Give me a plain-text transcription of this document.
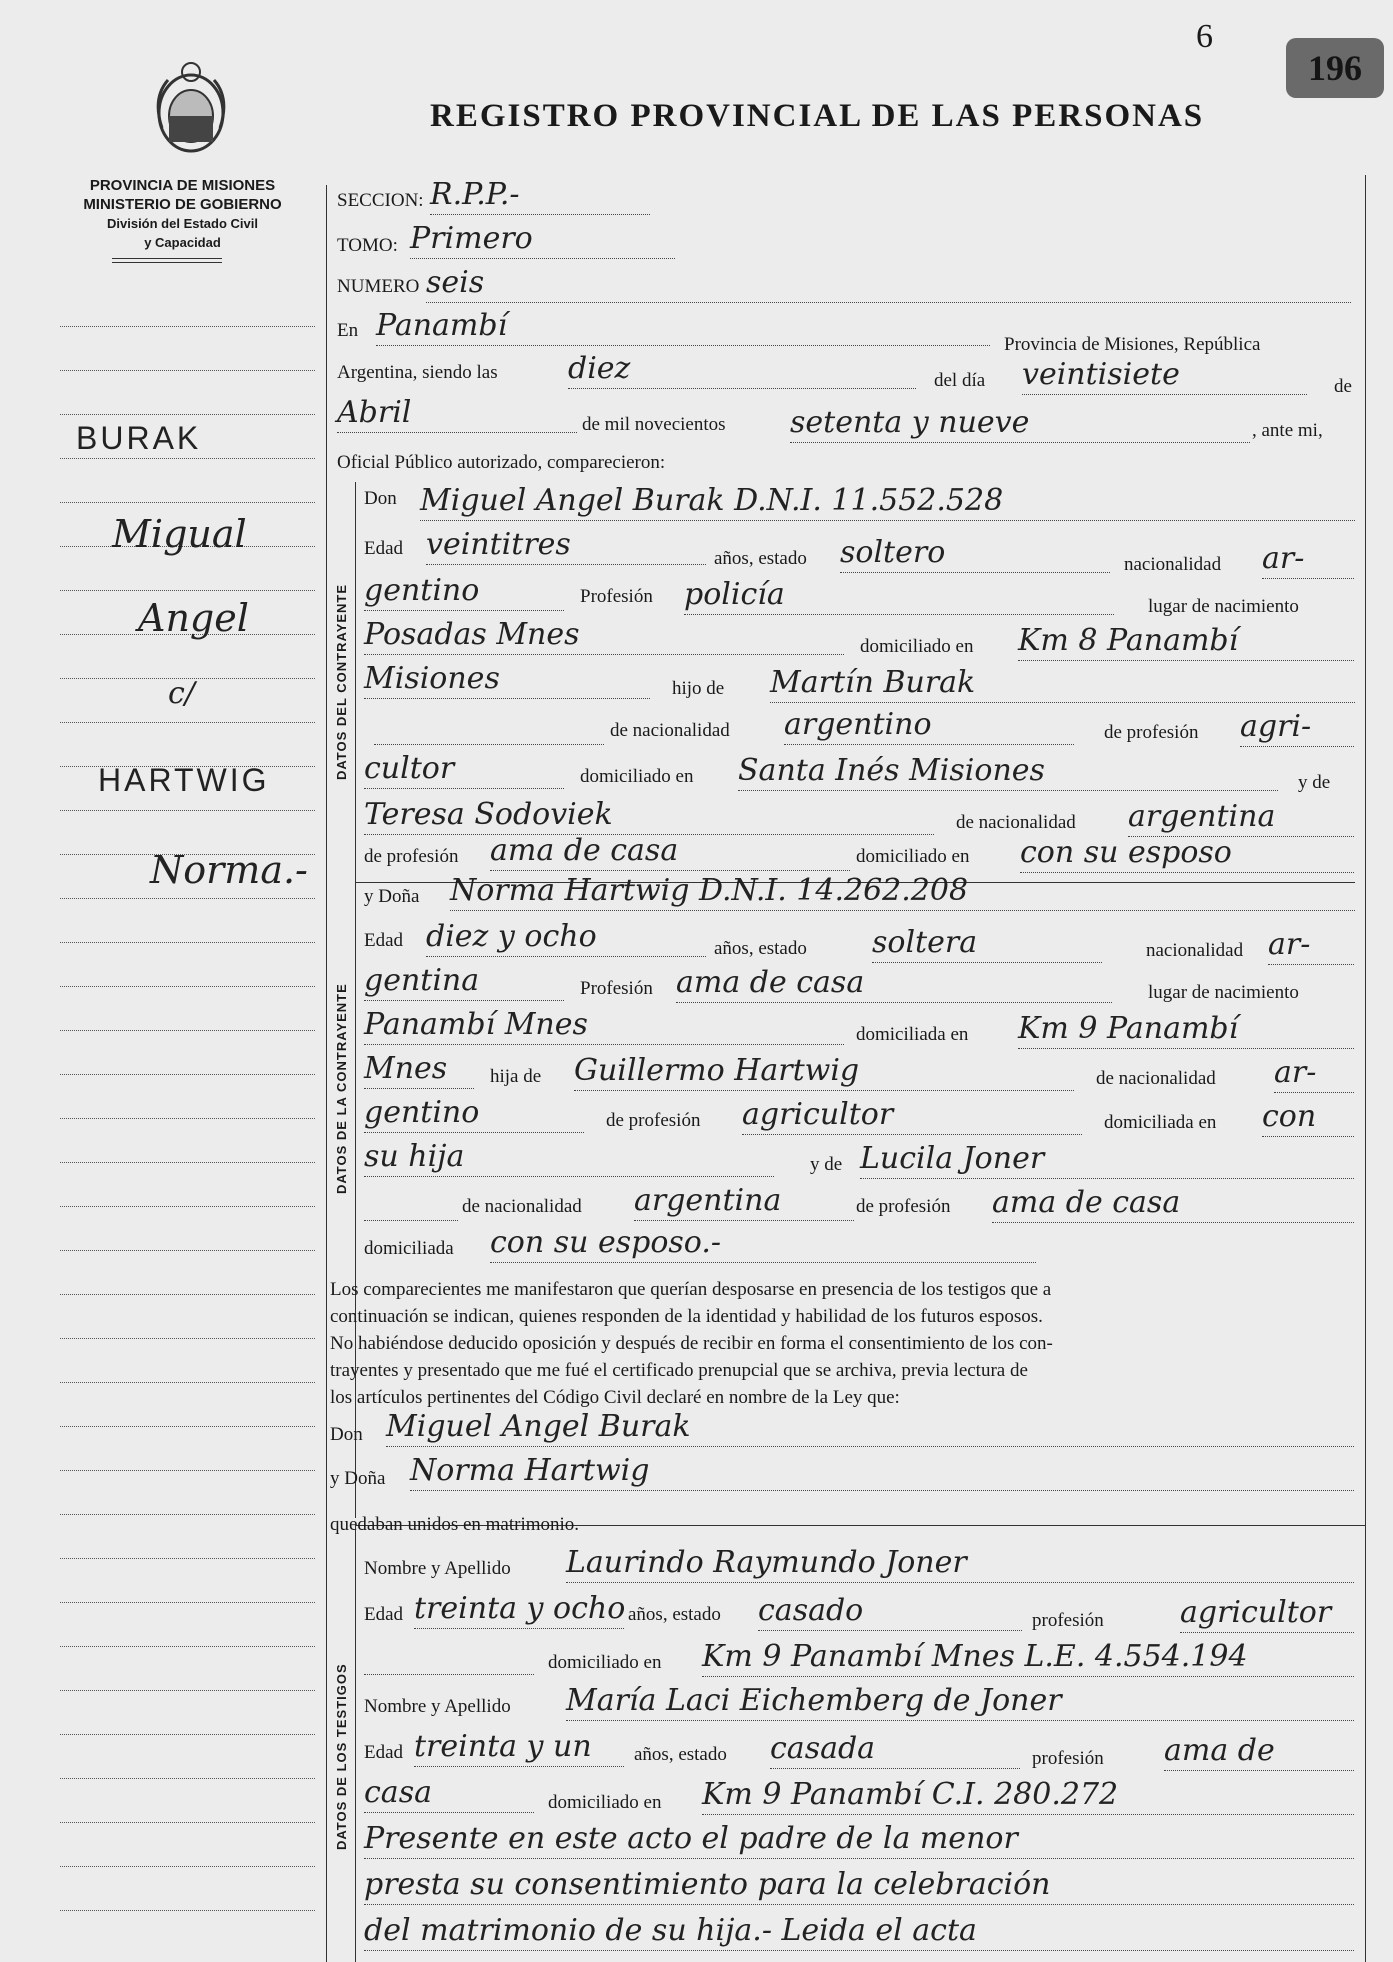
6
196
REGISTRO PROVINCIAL DE LAS PERSONAS
PROVINCIA DE MISIONES
MINISTERIO DE GOBIERNO
División del Estado Civil
y Capacidad
BURAK
Migual
Angel
c/
HARTWIG
Norma.-
DATOS DEL CONTRAYENTE
DATOS DE LA CONTRAYENTE
DATOS DE LOS TESTIGOS
SECCION: R.P.P.-
TOMO: Primero
NUMERO seis
En Panambí
Provincia de Misiones, República
Argentina, siendo las diez	del día veintisiete	de
Abril	de mil novecientos setenta y nueve	, ante mi,
Oficial Público autorizado, comparecieron:
Don Miguel Angel Burak D.N.I. 11.552.528
Edad veintitres	años, estado soltero	nacionalidad ar-
gentino	Profesión policía	lugar de nacimiento
Posadas Mnes	domiciliado en Km 8 Panambí
Misiones	hijo de Martín Burak
de nacionalidad argentino	de profesión agri-
cultor	domiciliado en Santa Inés Misiones	y de
Teresa Sodoviek	de nacionalidad argentina
de profesión ama de casa	domiciliado en con su esposo
y Doña Norma Hartwig D.N.I. 14.262.208
Edad diez y ocho	años, estado soltera	nacionalidad ar-
gentina	Profesión ama de casa	lugar de nacimiento
Panambí Mnes	domiciliada en Km 9 Panambí
Mnes	hija de Guillermo Hartwig	de nacionalidad ar-
gentino	de profesión agricultor	domiciliada en con
su hija	y de Lucila Joner
de nacionalidad argentina	de profesión ama de casa
domiciliada con su esposo.-
Los comparecientes me manifestaron que querían desposarse en presencia de los testigos que a
continuación se indican, quienes responden de la identidad y habilidad de los futuros esposos.
No habiéndose deducido oposición y después de recibir en forma el consentimiento de los con-
trayentes y presentado que me fué el certificado prenupcial que se archiva, previa lectura de
los artículos pertinentes del Código Civil declaré en nombre de la Ley que:
Don Miguel Angel Burak
y Doña Norma Hartwig
quedaban unidos en matrimonio.
Nombre y Apellido Laurindo Raymundo Joner
Edad treinta y ocho años, estado casado	profesión	agricultor
domiciliado en Km 9 Panambí Mnes L.E. 4.554.194
Nombre y Apellido María Laci Eichemberg de Joner
Edad treinta y un	años, estado casada	profesión ama de
casa	domiciliado en Km 9 Panambí C.I. 280.272
Presente en este acto el padre de la menor
presta su consentimiento para la celebración
del matrimonio de su hija.- Leida el acta
